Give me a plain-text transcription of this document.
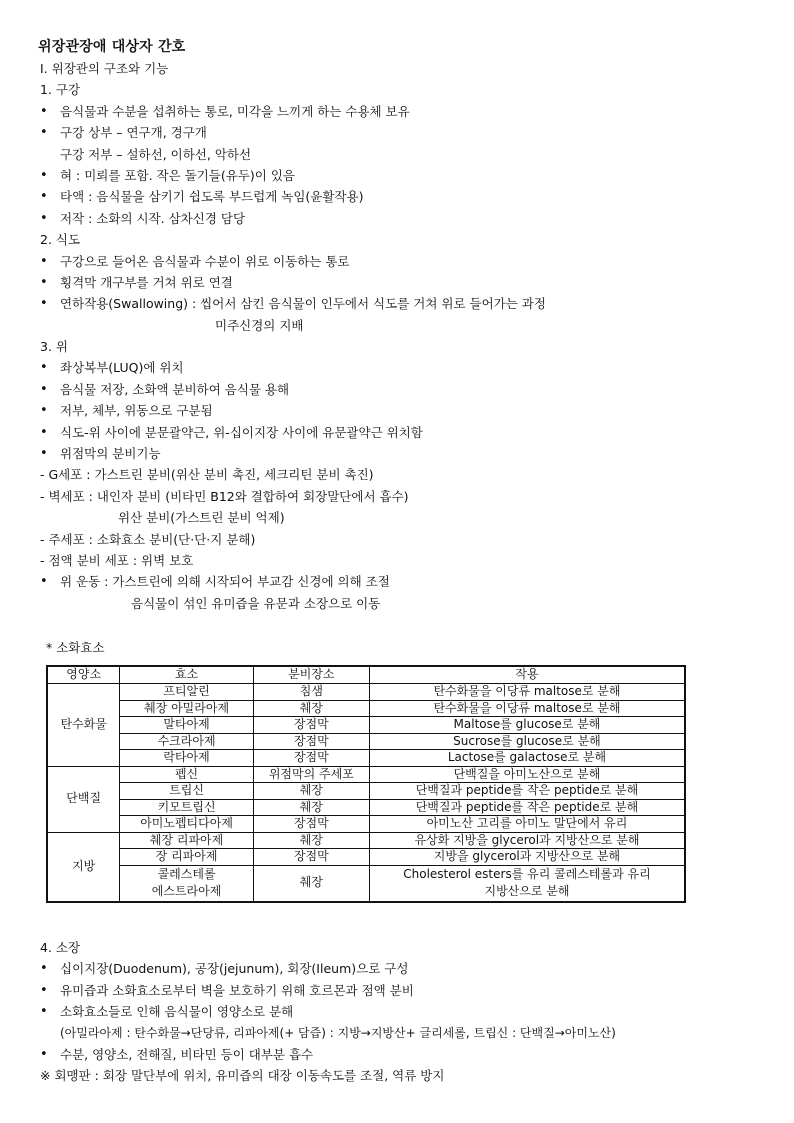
위장관장애 대상자 간호
Ⅰ. 위장관의 구조와 기능
1. 구강
• 음식물과 수분을 섭취하는 통로, 미각을 느끼게 하는 수용체 보유
• 구강 상부 – 연구개, 경구개
구강 저부 – 설하선, 이하선, 악하선
• 혀 : 미뢰를 포함. 작은 돌기들(유두)이 있음
• 타액 : 음식물을 삼키기 쉽도록 부드럽게 녹임(윤활작용)
• 저작 : 소화의 시작. 삼차신경 담당
2. 식도
• 구강으로 들어온 음식물과 수분이 위로 이동하는 통로
• 횡격막 개구부를 거쳐 위로 연결
• 연하작용(Swallowing) : 씹어서 삼킨 음식물이 인두에서 식도를 거쳐 위로 들어가는 과정
미주신경의 지배
3. 위
• 좌상복부(LUQ)에 위치
• 음식물 저장, 소화액 분비하여 음식물 용해
• 저부, 체부, 위동으로 구분됨
• 식도-위 사이에 분문괄약근, 위-십이지장 사이에 유문괄약근 위치함
• 위점막의 분비기능
- G세포 : 가스트린 분비(위산 분비 촉진, 세크리틴 분비 촉진)
- 벽세포 : 내인자 분비 (비타민 B12와 결합하여 회장말단에서 흡수)
위산 분비(가스트린 분비 억제)
- 주세포 : 소화효소 분비(단·단·지 분해)
- 점액 분비 세포 : 위벽 보호
• 위 운동 : 가스트린에 의해 시작되어 부교감 신경에 의해 조절
음식물이 섞인 유미즙을 유문과 소장으로 이동
* 소화효소
영양소	효소	분비장소	작용
탄수화물	프티알린	침샘	탄수화물을 이당류 maltose로 분해
	췌장 아밀라아제	췌장	탄수화물을 이당류 maltose로 분해
	말타아제	장점막	Maltose를 glucose로 분해
	수크라아제	장점막	Sucrose를 glucose로 분해
	락타아제	장점막	Lactose를 galactose로 분해
단백질	펩신	위점막의 주세포	단백질을 아미노산으로 분해
	트립신	췌장	단백질과 peptide를 작은 peptide로 분해
	키모트립신	췌장	단백질과 peptide를 작은 peptide로 분해
	아미노펩티다아제	장점막	아미노산 고리를 아미노 말단에서 유리
지방	췌장 리파아제	췌장	유상화 지방을 glycerol과 지방산으로 분해
	장 리파아제	장점막	지방을 glycerol과 지방산으로 분해
	콜레스테롤	췌장	Cholesterol esters를 유리 콜레스테롤과 유리
	에스트라아제		지방산으로 분해
4. 소장
• 십이지장(Duodenum), 공장(jejunum), 회장(Ileum)으로 구성
• 유미즙과 소화효소로부터 벽을 보호하기 위해 호르몬과 점액 분비
• 소화효소들로 인해 음식물이 영양소로 분해
(아밀라아제 : 탄수화물→단당류, 리파아제(+ 담즙) : 지방→지방산+ 글리세롤, 트립신 : 단백질→아미노산)
• 수분, 영양소, 전해질, 비타민 등이 대부분 흡수
※ 회맹판 : 회장 말단부에 위치, 유미즙의 대장 이동속도를 조절, 역류 방지
